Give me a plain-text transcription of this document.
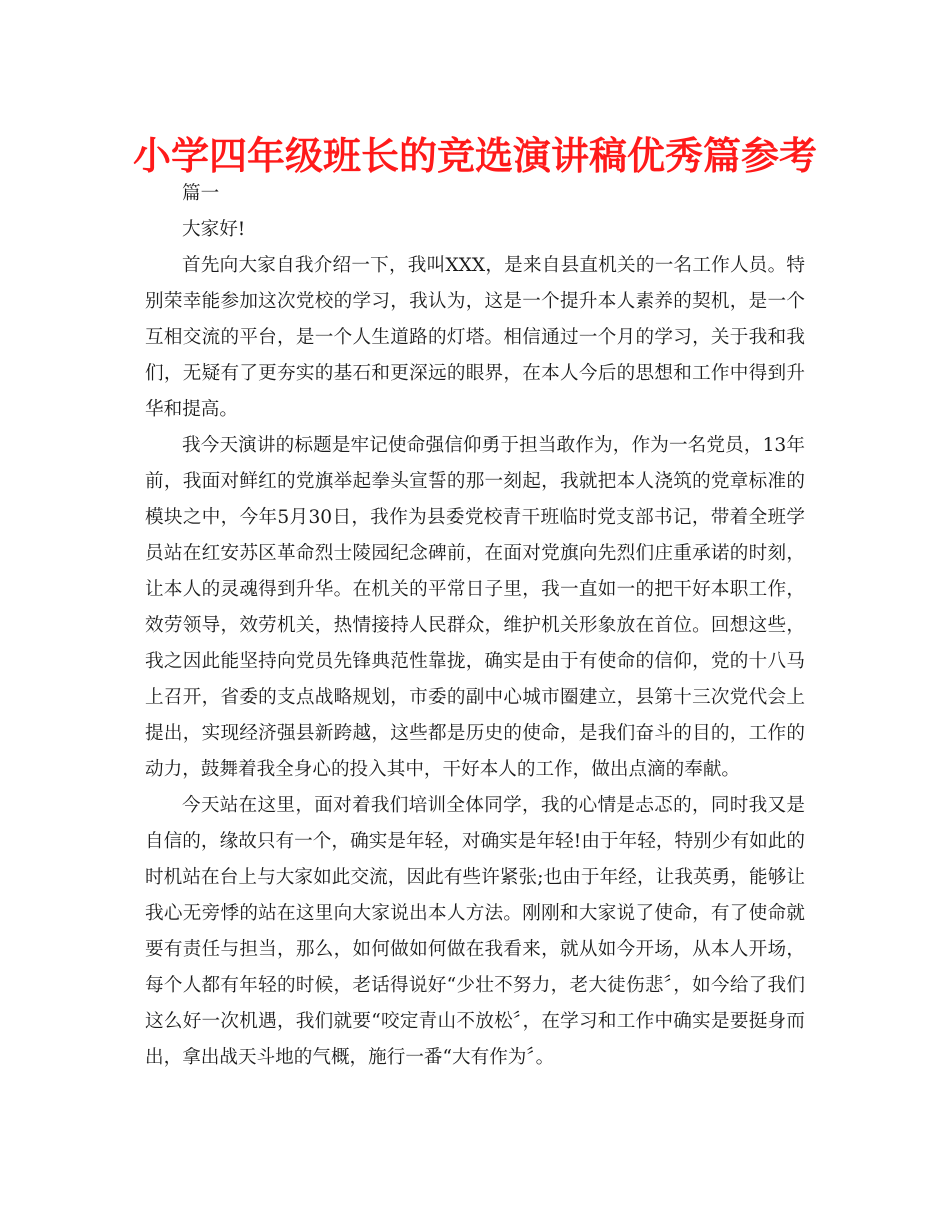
小学四年级班长的竞选演讲稿优秀篇参考
篇一
大家好!
首先向大家自我介绍一下，我叫XXX，是来自县直机关的一名工作人员。特
别荣幸能参加这次党校的学习，我认为，这是一个提升本人素养的契机，是一个
互相交流的平台，是一个人生道路的灯塔。相信通过一个月的学习，关于我和我
们，无疑有了更夯实的基石和更深远的眼界，在本人今后的思想和工作中得到升
华和提高。
我今天演讲的标题是牢记使命强信仰勇于担当敢作为，作为一名党员，13年
前，我面对鲜红的党旗举起拳头宣誓的那一刻起，我就把本人浇筑的党章标准的
模块之中，今年5月30日，我作为县委党校青干班临时党支部书记，带着全班学
员站在红安苏区革命烈士陵园纪念碑前，在面对党旗向先烈们庄重承诺的时刻，
让本人的灵魂得到升华。在机关的平常日子里，我一直如一的把干好本职工作，
效劳领导，效劳机关，热情接持人民群众，维护机关形象放在首位。回想这些，
我之因此能坚持向党员先锋典范性靠拢，确实是由于有使命的信仰，党的十八马
上召开，省委的支点战略规划，市委的副中心城市圈建立，县第十三次党代会上
提出，实现经济强县新跨越，这些都是历史的使命，是我们奋斗的目的，工作的
动力，鼓舞着我全身心的投入其中，干好本人的工作，做出点滴的奉献。
今天站在这里，面对着我们培训全体同学，我的心情是忐忑的，同时我又是
自信的，缘故只有一个，确实是年轻，对确实是年轻!由于年轻，特别少有如此的
时机站在台上与大家如此交流，因此有些许紧张;也由于年经，让我英勇，能够让
我心无旁悸的站在这里向大家说出本人方法。刚刚和大家说了使命，有了使命就
要有责任与担当，那么，如何做如何做在我看来，就从如今开场，从本人开场，
每个人都有年轻的时候，老话得说好“少壮不努力，老大徒伤悲〞，如今给了我们
这么好一次机遇，我们就要“咬定青山不放松〞，在学习和工作中确实是要挺身而
出，拿出战天斗地的气概，施行一番“大有作为〞。
